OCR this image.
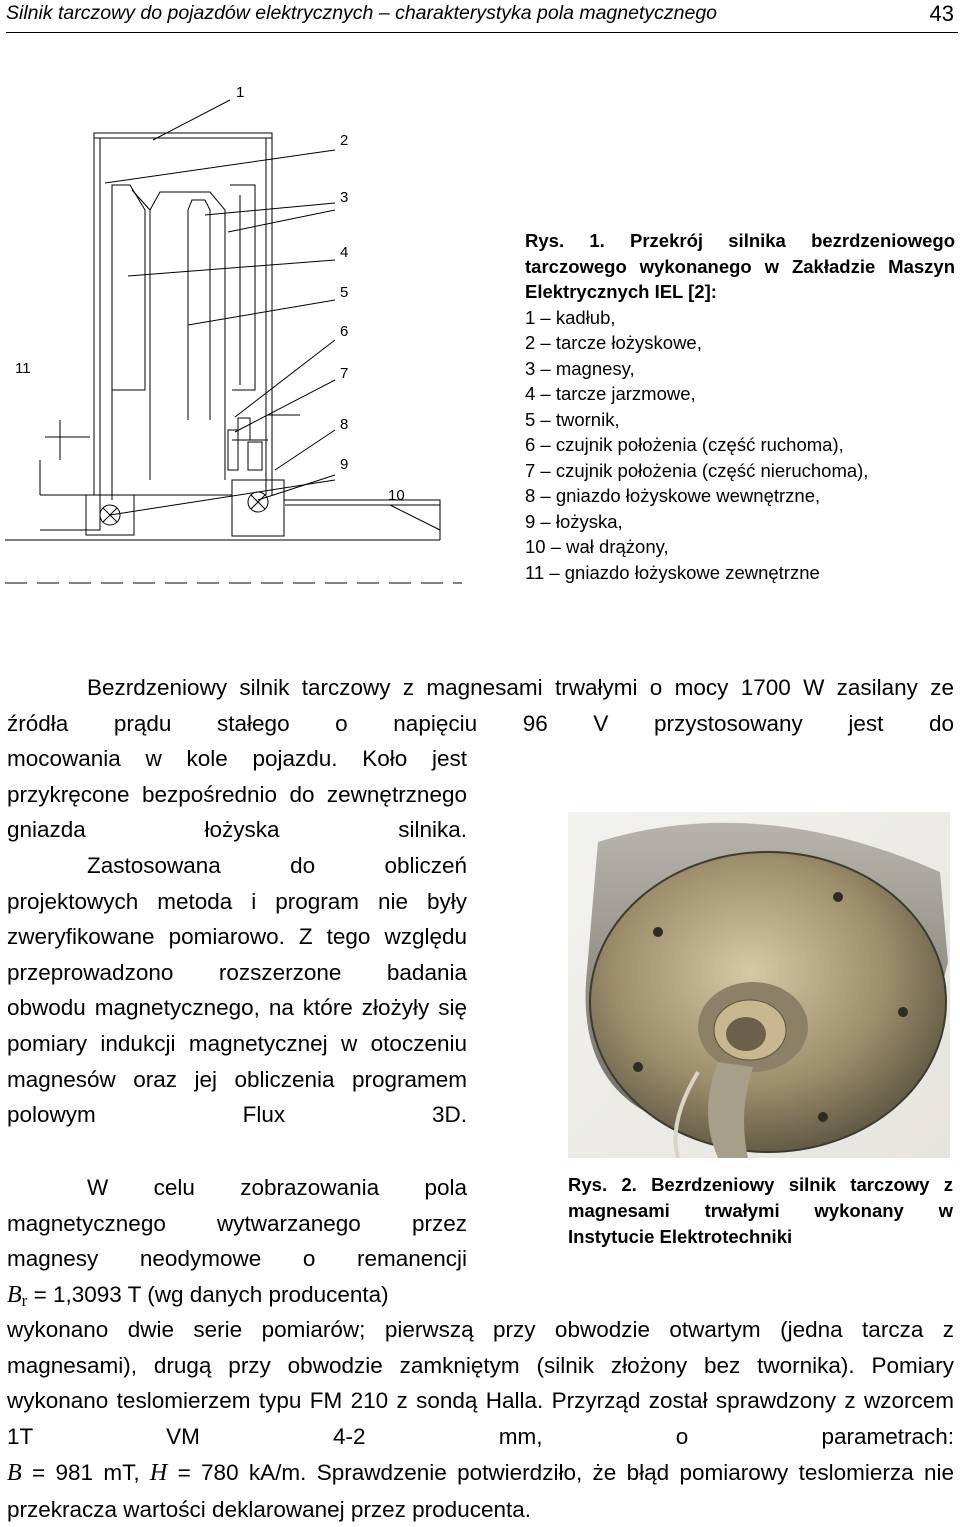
Silnik tarczowy do pojazdów elektrycznych – charakterystyka pola magnetycznego	43
1
2
3
4
5
6
7
8
9
10
11
Rys. 1. Przekrój silnika bezrdzeniowego tarczowego wykonanego w Zakładzie Maszyn Elektrycznych IEL [2]:
1 – kadłub,
2 – tarcze łożyskowe,
3 – magnesy,
4 – tarcze jarzmowe,
5 – twornik,
6 – czujnik położenia (część ruchoma),
7 – czujnik położenia (część nieruchoma),
8 – gniazdo łożyskowe wewnętrzne,
9 – łożyska,
10 – wał drążony,
11 – gniazdo łożyskowe zewnętrzne
Rys. 2. Bezrdzeniowy silnik tarczowy z magnesami trwałymi wykonany w Instytucie Elektrotechniki
Bezrdzeniowy silnik tarczowy z magnesami trwałymi o mocy 1700 W zasilany ze źródła prądu stałego o napięciu 96 V przystosowany jest do
mocowania w kole pojazdu. Koło jest przykręcone bezpośrednio do zewnętrznego gniazda łożyska silnika.
Zastosowana do obliczeń projektowych metoda i program nie były zweryfikowane pomiarowo. Z tego względu przeprowadzono rozszerzone badania obwodu magnetycznego, na które złożyły się pomiary indukcji magnetycznej w otoczeniu magnesów oraz jej obliczenia programem polowym Flux 3D.
W celu zobrazowania pola magnetycznego wytwarzanego przez magnesy neodymowe o remanencji
$B_r = 1,3093$ T (wg danych producenta)
wykonano dwie serie pomiarów; pierwszą przy obwodzie otwartym (jedna tarcza z magnesami), drugą przy obwodzie zamkniętym (silnik złożony bez twornika). Pomiary wykonano teslomierzem typu FM 210 z sondą Halla. Przyrząd został sprawdzony z wzorcem 1T VM 4-2 mm, o parametrach:
B = 981 mT, H = 780 kA/m. Sprawdzenie potwierdziło, że błąd pomiarowy teslomierza nie przekracza wartości deklarowanej przez producenta.
